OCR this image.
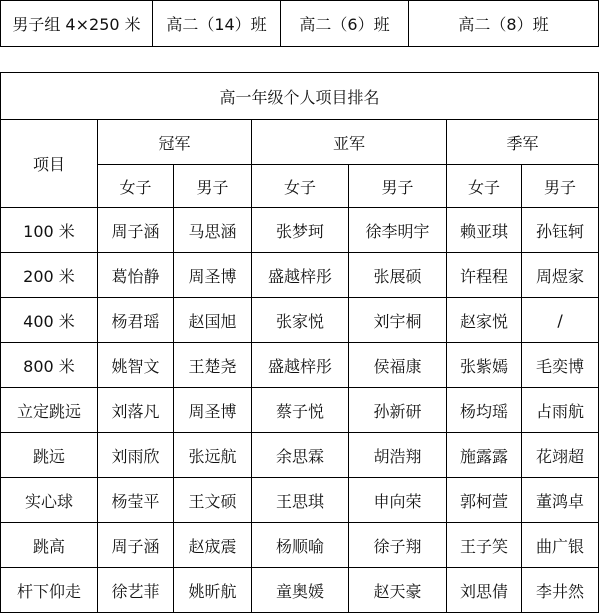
男子组 4×250 米	高二（14）班	高二（6）班	高二（8）班
高一年级个人项目排名						
项目	冠军		亚军		季军	
	女子	男子	女子	男子	女子	男子
100 米	周子涵	马思涵	张梦珂	徐李明宇	赖亚琪	孙钰轲
200 米	葛怡静	周圣博	盛越梓彤	张展硕	许程程	周煜家
400 米	杨君瑶	赵国旭	张家悦	刘宇桐	赵家悦	/
800 米	姚智文	王楚尧	盛越梓彤	侯福康	张紫嫣	毛奕博
立定跳远	刘落凡	周圣博	蔡子悦	孙新研	杨均瑶	占雨航
跳远	刘雨欣	张远航	余思霖	胡浩翔	施露露	花翊超
实心球	杨莹平	王文硕	王思琪	申向荣	郭柯萱	董鸿卓
跳高	周子涵	赵宬震	杨顺喻	徐子翔	王子笑	曲广银
杆下仰走	徐艺菲	姚昕航	童奥媛	赵天豪	刘思倩	李井然
